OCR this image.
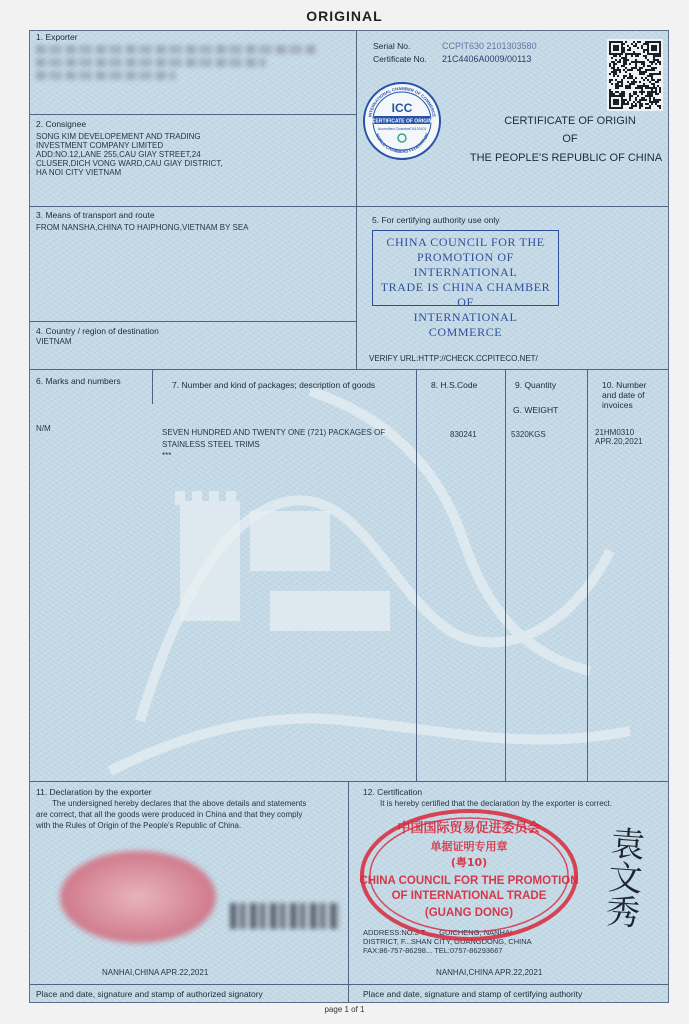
ORIGINAL
1. Exporter
2. Consignee
SONG KIM DEVELOPEMENT AND TRADING
INVESTMENT COMPANY LIMITED
ADD:NO.12,LANE 255,CAU GIAY STREET,24
CLUSER,DICH VONG WARD,CAU GIAY DISTRICT,
HA NOI CITY VIETNAM
3. Means of transport and route
FROM NANSHA,CHINA TO HAIPHONG,VIETNAM BY SEA
4. Country / region of destination
VIETNAM
Serial No.	CCPIT630 2101303580
Certificate No. 21C4406A0009/00113
INTERNATIONAL CHAMBER OF COMMERCE
WORLD CHAMBERS FEDERATION
ICC
CERTIFICATE OF ORIGIN
Accredited Chamber CN130101
CERTIFICATE OF ORIGIN
OF
THE PEOPLE'S REPUBLIC OF CHINA
5. For certifying authority use only
CHINA COUNCIL FOR THE
PROMOTION OF INTERNATIONAL
TRADE IS CHINA CHAMBER OF
INTERNATIONAL COMMERCE
VERIFY URL:HTTP://CHECK.CCPITECO.NET/
6. Marks and numbers	7. Number and kind of packages; description of goods	8. H.S.Code	9. Quantity
G. WEIGHT
10. Number
and date of
invoices
N/M	SEVEN HUNDRED AND TWENTY ONE (721) PACKAGES OF
STAINLESS STEEL TRIMS
***
830241	5320KGS	21HM0310
APR.20,2021
11. Declaration by the exporter
The undersigned hereby declares that the above details and statements
are correct, that all the goods were produced in China and that they comply
with the Rules of Origin of the People's Republic of China.
NANHAI,CHINA APR.22,2021
Place and date, signature and stamp of authorized signatory
12. Certification
It is hereby certified that the declaration by the exporter is correct.
ADDRESS:NO.3 T... ...GUICHENG, NANHAI
DISTRICT, F...SHAN CITY, GUANGDONG, CHINA
FAX:86-757-86298... TEL:0757-86293667
中国国际贸易促进委员会
单据证明专用章
(粤10)
CHINA COUNCIL FOR THE PROMOTION
OF INTERNATIONAL TRADE
(GUANG DONG)	袁文秀
NANHAI,CHINA APR.22,2021
Place and date, signature and stamp of certifying authority
page 1 of 1
